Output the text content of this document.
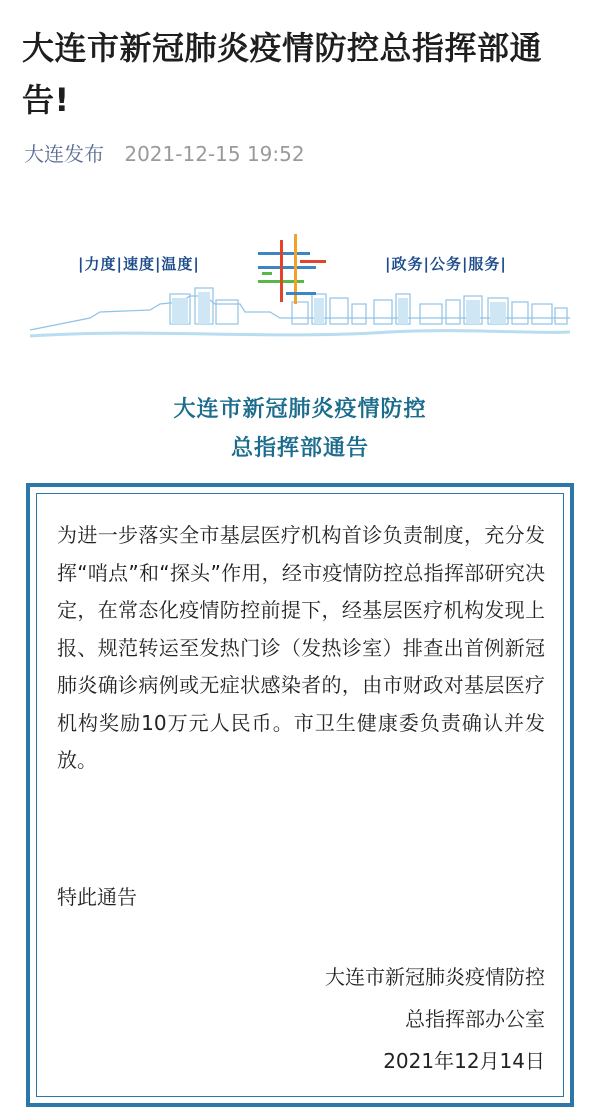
大连市新冠肺炎疫情防控总指挥部通告!
大连发布 2021-12-15 19:52
|力度|速度|温度|	|政务|公务|服务|
大连市新冠肺炎疫情防控
总指挥部通告
为进一步落实全市基层医疗机构首诊负责制度，充分发挥“哨点”和“探头”作用，经市疫情防控总指挥部研究决定，在常态化疫情防控前提下，经基层医疗机构发现上报、规范转运至发热门诊（发热诊室）排查出首例新冠肺炎确诊病例或无症状感染者的，由市财政对基层医疗机构奖励10万元人民币。市卫生健康委负责确认并发放。
特此通告
大连市新冠肺炎疫情防控
总指挥部办公室
2021年12月14日
